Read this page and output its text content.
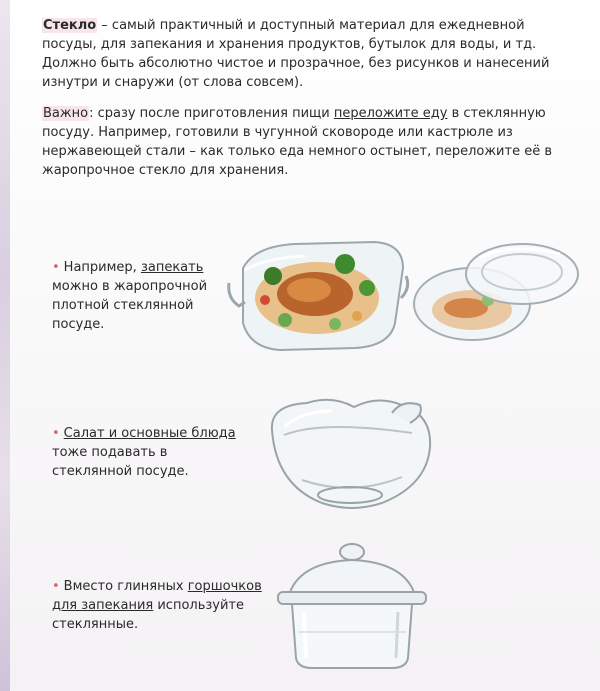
Стекло – самый практичный и доступный материал для ежедневной посуды, для запекания и хранения продуктов, бутылок для воды, и тд. Должно быть абсолютно чистое и прозрачное, без рисунков и нанесений изнутри и снаружи (от слова совсем).
Важно: сразу после приготовления пищи переложите еду в стеклянную посуду. Например, готовили в чугунной сковороде или кастрюле из нержавеющей стали – как только еда немного остынет, переложите её в жаропрочное стекло для хранения.
• Например, запекать можно в жаропрочной плотной стеклянной посуде.
• Салат и основные блюда тоже подавать в стеклянной посуде.
• Вместо глиняных горшочков для запекания используйте стеклянные.
